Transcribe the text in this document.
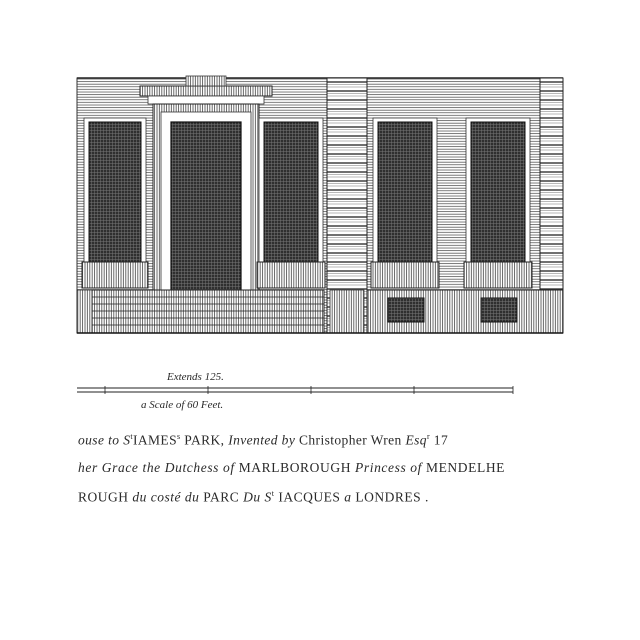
Extends 125.
a Scale of 60 Feet.
ouse to $S^tIAMES^s$ PARK, Invented by Christopher Wren Esq$^r$ 17
her Grace the Dutchess of MARLBOROUGH Princess of MENDELHE
ROUGH du costé du PARC Du $S^t$ IACQUES a LONDRES .
